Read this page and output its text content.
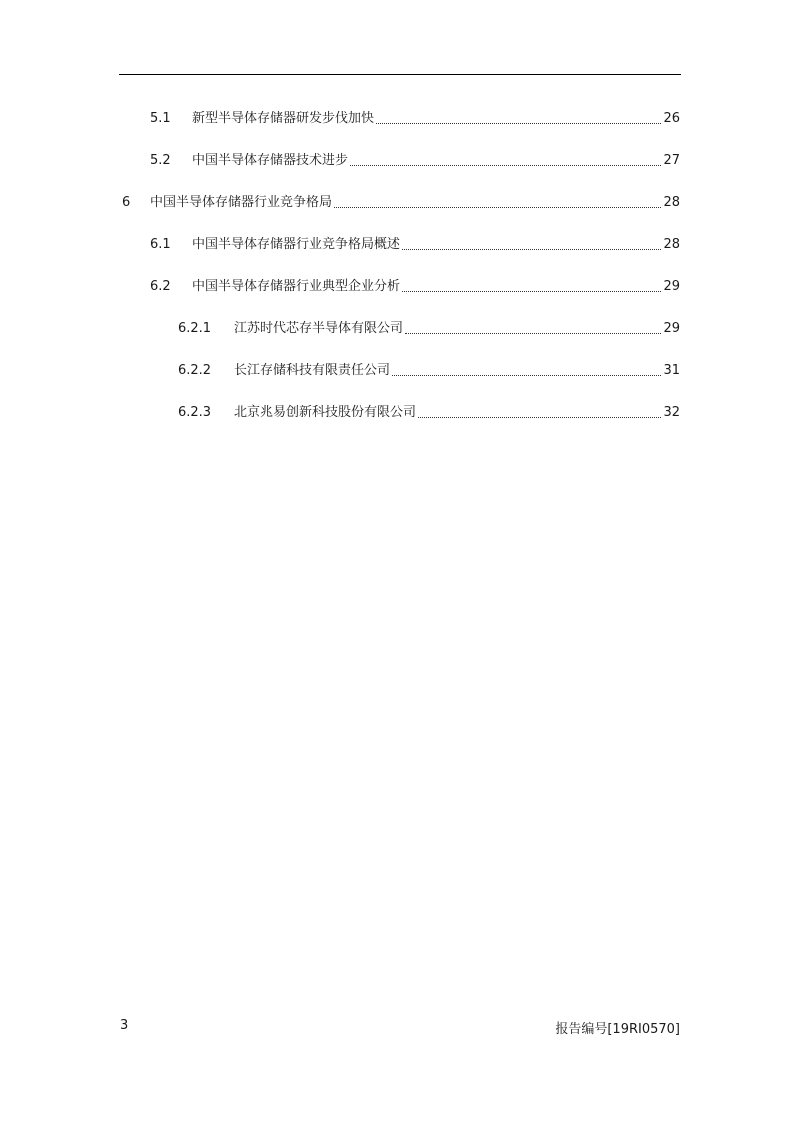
5.1	新型半导体存储器研发步伐加快	26
5.2	中国半导体存储器技术进步	27
6	中国半导体存储器行业竞争格局	28
6.1	中国半导体存储器行业竞争格局概述	28
6.2	中国半导体存储器行业典型企业分析	29
6.2.1	江苏时代芯存半导体有限公司	29
6.2.2	长江存储科技有限责任公司	31
6.2.3	北京兆易创新科技股份有限公司	32
3	报告编号[19RI0570]
